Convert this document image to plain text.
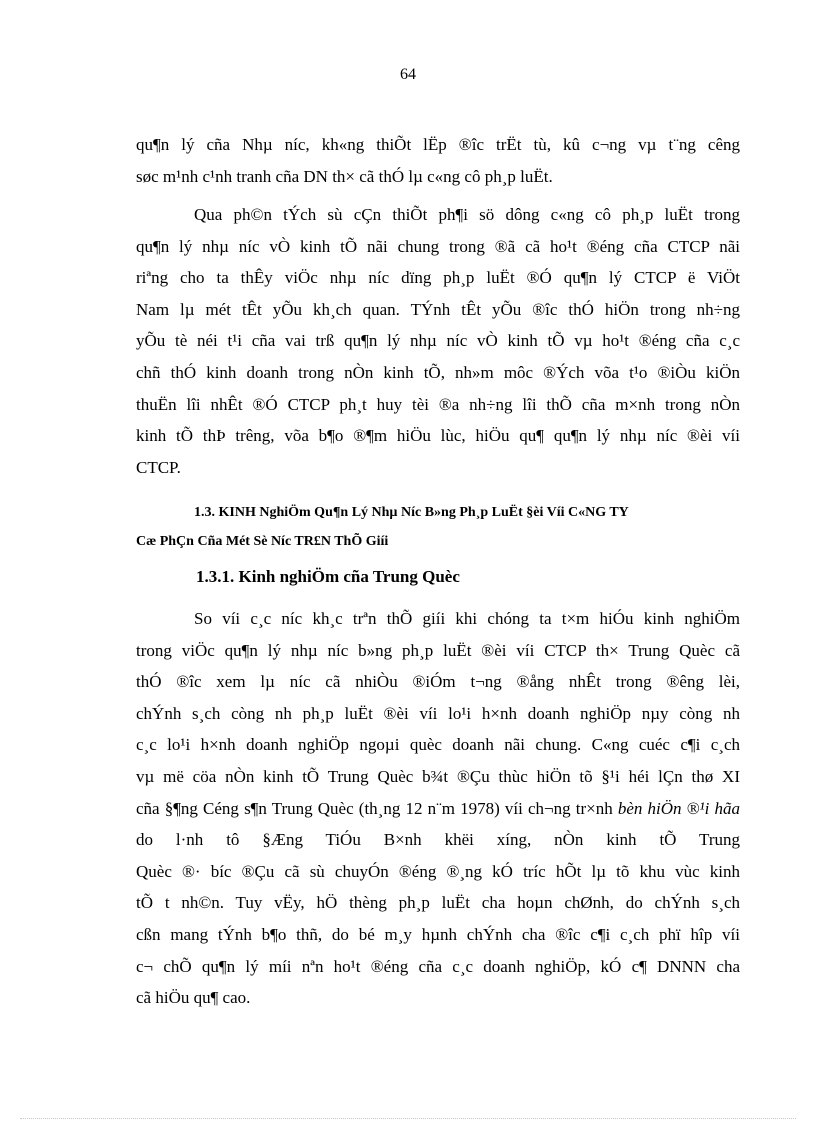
64

qu¶n lý cña Nhµ níc, kh«ng thiÕt lËp ®îc trËt tù, kû c¬ng vµ t¨ng cêng

søc m¹nh c¹nh tranh cña DN th× cã thÓ lµ c«ng cô ph¸p luËt.

Qua ph©n tÝch sù cÇn thiÕt ph¶i sö dông c«ng cô ph¸p luËt trong

qu¶n lý nhµ níc vÒ kinh tÕ nãi chung trong ®ã cã ho¹t ®éng cña CTCP nãi

riªng cho ta thÊy viÖc nhµ níc dïng ph¸p luËt ®Ó qu¶n lý CTCP ë ViÖt

Nam lµ mét tÊt yÕu kh¸ch quan. TÝnh tÊt yÕu ®îc thÓ hiÖn trong nh÷ng

yÕu tè néi t¹i cña vai trß qu¶n lý nhµ níc vÒ kinh tÕ vµ ho¹t ®éng cña c¸c

chñ thÓ kinh doanh trong nÒn kinh tÕ, nh»m môc ®Ých võa t¹o ®iÒu kiÖn

thuËn lîi nhÊt ®Ó CTCP ph¸t huy tèi ®a nh÷ng lîi thÕ cña m×nh trong nÒn

kinh tÕ thÞ trêng, võa b¶o ®¶m hiÖu lùc, hiÖu qu¶ qu¶n lý nhµ níc ®èi víi

CTCP.

1.3. KINH NghiÖm Qu¶n Lý Nhµ Níc B»ng Ph¸p LuËt §èi Víi C«NG TY
Cæ PhÇn Cña Mét Sè Níc TR£N ThÕ Giíi
1.3.1. Kinh nghiÖm cña Trung Quèc

So víi c¸c níc kh¸c trªn thÕ giíi khi chóng ta t×m hiÓu kinh nghiÖm

trong viÖc qu¶n lý nhµ níc b»ng ph¸p luËt ®èi víi CTCP th× Trung Quèc cã

thÓ ®îc xem lµ níc cã nhiÒu ®iÓm t¬ng ®ång nhÊt trong ®êng lèi,

chÝnh s¸ch còng nh ph¸p luËt ®èi víi lo¹i h×nh doanh nghiÖp nµy còng nh

c¸c lo¹i h×nh doanh nghiÖp ngoµi quèc doanh nãi chung. C«ng cuéc c¶i c¸ch

vµ më cöa nÒn kinh tÕ Trung Quèc b¾t ®Çu thùc hiÖn tõ §¹i héi lÇn thø XI

cña §¶ng Céng s¶n Trung Quèc (th¸ng 12 n¨m 1978) víi ch¬ng tr×nh bèn hiÖn ®¹i hãa do l·nh tô §Æng TiÓu B×nh khëi xíng, nÒn kinh tÕ Trung

Quèc ®· bíc ®Çu cã sù chuyÓn ®éng ®¸ng kÓ tríc hÕt lµ tõ khu vùc kinh

tÕ t nh©n. Tuy vËy, hÖ thèng ph¸p luËt cha hoµn chØnh, do chÝnh s¸ch

cßn mang tÝnh b¶o thñ, do bé m¸y hµnh chÝnh cha ®îc c¶i c¸ch phï hîp víi

c¬ chÕ qu¶n lý míi nªn ho¹t ®éng cña c¸c doanh nghiÖp, kÓ c¶ DNNN cha

cã hiÖu qu¶ cao.
